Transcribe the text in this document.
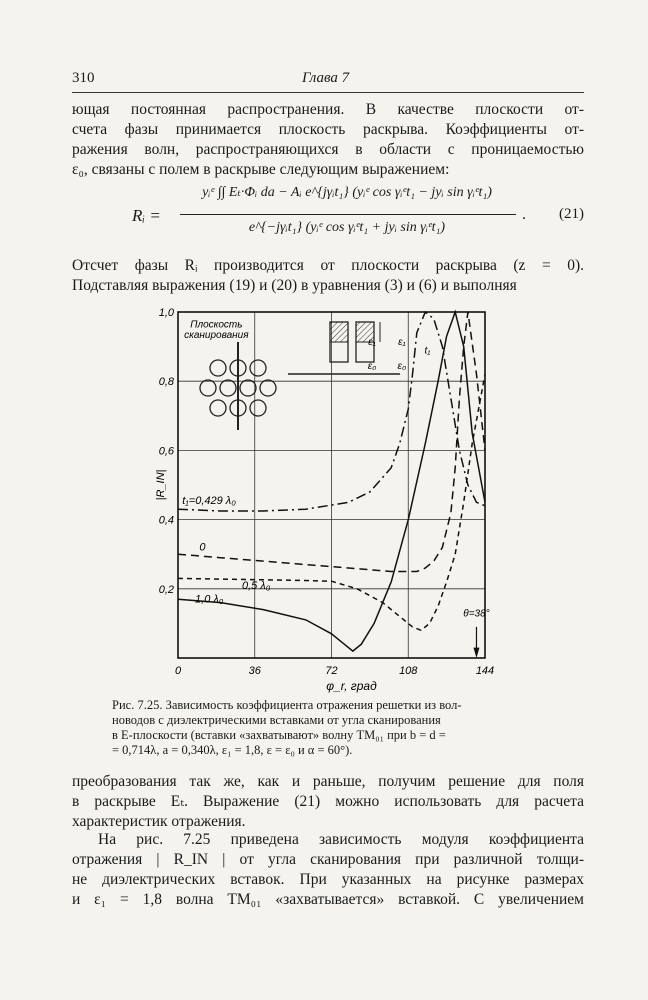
310	Глава 7
ющая постоянная распространения. В качестве плоскости от-
счета фазы принимается плоскость раскрыва. Коэффициенты от-
ражения волн, распространяющихся в области с проницаемостью
ε₀, связаны с полем в раскрыве следующим выражением:
Rᵢ =
yᵢᵉ ∫∫ Eₜ·Φᵢ da − Aᵢ e^{jγᵢt₁} (yᵢᵉ cos γᵢᵉt₁ − jyᵢ sin γᵢᵉt₁)
e^{−jγᵢt₁} (yᵢᵉ cos γᵢᵉt₁ + jyᵢ sin γᵢᵉt₁)
. (21)
Отсчет фазы Rᵢ производится от плоскости раскрыва (z = 0).
Подставляя выражения (19) и (20) в уравнения (3) и (6) и выполняя
0	36	72	108	144
0,2
0,4
0,6
0,8
1,0
φ_r, град
|R_IN|
t₁=0,429 λ₀
0
0,5 λ₀
1,0 λ₀
θ=38°
Плоскость
сканирования
ε₁ ε₁
ε₀ ε₀
t₁
Рис. 7.25. Зависимость коэффициента отражения решетки из вол-
новодов с диэлектрическими вставками от угла сканирования
в E-плоскости (вставки «захватывают» волну TM₀₁ при b = d =
= 0,714λ, a = 0,340λ, ε₁ = 1,8, ε = ε₀ и α = 60°).
преобразования так же, как и раньше, получим решение для поля
в раскрыве Eₜ. Выражение (21) можно использовать для расчета
характеристик отражения.
На рис. 7.25 приведена зависимость модуля коэффициента
отражения | R_IN | от угла сканирования при различной толщи-
не диэлектрических вставок. При указанных на рисунке размерах
и ε₁ = 1,8 волна TM₀₁ «захватывается» вставкой. С увеличением
